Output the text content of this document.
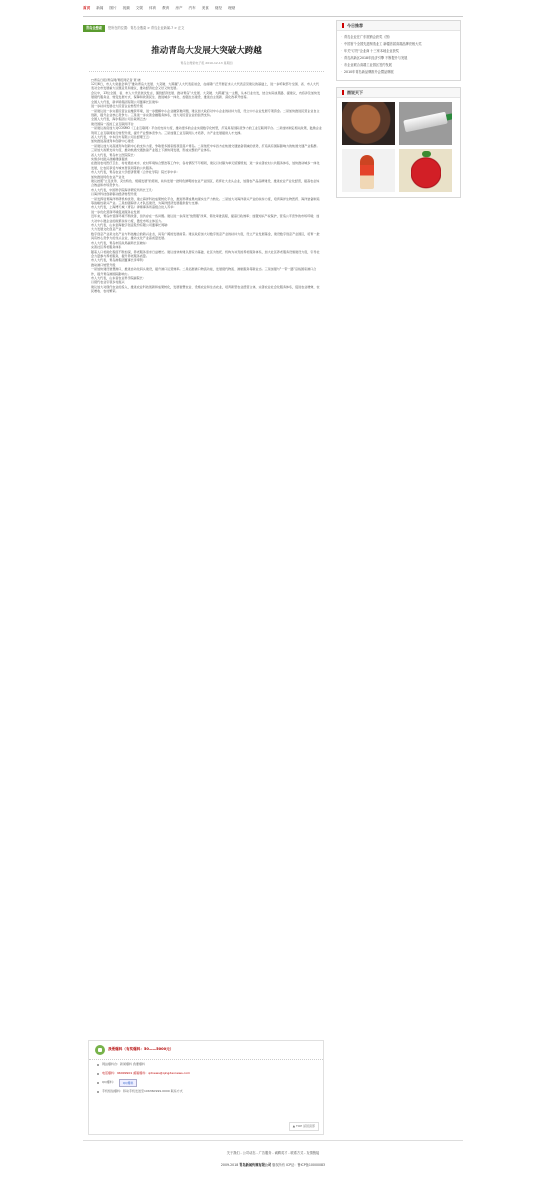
首页 新闻 图片 视频 文娱 体育 教育 房产 汽车 美食 财经 理财
青岛全搜索	您所在的位置：青岛全搜索 > 青岛企业新闻-7 > 正文
推动青岛大发展大突破大跨越
青岛全搜索电子报 2010-12-13 星期四

□青岛日报/青岛网/青报网记者 贾 晓

12月6日，市人大常委会举行"推动青岛大发展、大突破、大跨越"人大代表座谈会，在前期广泛开展征求人大代表意见建议的基础上，进一步听取部分全国、省、市人大代表对全市发展重大议题意见和建议，推动经济社会又好又快发展。

会议中，13位全国、省、市人大代表依次发言，围绕经济发展、推动青岛"大发展、大突破、大跨越"这一主题，从本行业出发，结合实际谈思路、提建议，内容涉及加快发展现代服务业、转变发展方式、保障和改善民生、推进城乡一体化、加强生态建设、推进自主创新、深化改革开放等。

全国人大代表，新华锦集团有限公司董事长张建华：

进一步扶持发展壮大民营企业转型升级

一是建议进一步完善民营企业融资环境，进一步缓解中小企业融资难问题，建议加大政府对中小企业的扶持力度，设立中小企业发展专项资金。二是加快推进民营企业自主创新，提升企业核心竞争力。三是进一步完善金融服务体系，加大对民营企业的信贷支持。

全国人大代表，海尔集团公司总裁周云杰：

建设国际一流的工业互联网平台

一是建议政府加大对COSMO（工业互联网）平台的支持力度，推动更多的企业实现数字化转型，打造具有国际竞争力的工业互联网平台。二是加快制定相关政策，鼓励企业利用工业互联网进行转型升级，提升产业整体竞争力。三是加强工业互联网人才培养，为产业发展提供人才支撑。

省人大代表，中车四方有限公司总经理王云：

加快推进高速列车创新中心建设

一是建议加大对高速列车创新中心的支持力度，争取更多国家级项目落户青岛。二是依托中车四方在轨道交通装备领域的优势，打造具有国际影响力的轨道交通产业集群。三是加大政策支持力度，推动轨道交通装备产业链上下游协同发展，形成完整的产业体系。

省人大代表，青岛市立医院院长：

实施乡村振兴战略健康提质

在推进农村医疗卫生、村村通自来水、农村环境综合整治等工作中，各村情况不尽相同，建议以村镇为单元统筹规划，进一步完善农村公共服务体系，加快推动城乡一体化发展，让农民享受与城市居民同等的公共服务。

市人大代表，青岛农业大学经济管理（合作社学院）院长李中华：

加快推进特色农业产业化

建议按照"立足优势、突出特色、规模发展"的原则，扶持发展一批特色鲜明的农业产业园区，培育壮大龙头企业，加强农产品品牌建设，推进农业产业化经营，提高农业综合效益和市场竞争力。

市人大代表，中国科学院海洋研究所所长王凡：

以海洋科技创新驱动经济转型升级

一是发挥驻青海洋科研机构优势，建立海洋科技成果转化平台，推进科研成果向现实生产力转化。二是加大对海洋新兴产业的扶持力度，培育海洋生物医药、海洋装备制造等战略性新兴产业。三是加强海洋人才队伍建设，为海洋经济发展提供智力支撑。

市人大代表，上海博天城（青岛）律师事务所高级合伙人苏华：

进一步优化营商环境促进服务业发展

近年来，青岛市营商环境不断改善，但仍存在一些问题。建议进一步深化"放管服"改革，简化审批流程，提高行政效率；加强知识产权保护，营造公平竞争的市场环境；加大对中小微企业的政策扶持力度，激发市场主体活力。

市人大代表，山东金海数字创意股份有限公司董事长周敏：

大力发展文化创意产业

数字创意产业是文化产业与科技融合的新兴业态，具有广阔的发展前景。建议政府加大对数字创意产业的扶持力度，设立产业发展基金，建设数字创意产业园区，培育一批具有核心竞争力的龙头企业，推动文化产业高质量发展。

市人大代表，青岛市民政局副局长张晓东：

完善社区养老服务体系

随着人口老龄化程度不断加深，养老服务需求日益增长。建议加快构建以居家为基础、社区为依托、机构为补充的养老服务体系，加大社区养老服务设施建设力度，引导社会力量参与养老服务，提升养老服务质量。

市人大代表，青岛港集团董事长李奉利：

推动港口转型升级

一是加快建设智慧港口，推进自动化码头建设，提升港口运营效率。二是拓展港口物流功能，发展现代物流、港航服务等新业态。三是加强与"一带一路"沿线国家港口合作，提升青岛港国际影响力。

市人大代表，山东省农业科学院副院长：

以现代农业引领乡村振兴

建议加大对现代农业的投入，推进农业科技创新和成果转化，发展智慧农业、设施农业和生态农业，培育新型农业经营主体，完善农业社会化服务体系，促进农业增效、农民增收、农村繁荣。

今日推荐
· 青岛企业在广东展销会获奖（图）
· 中国首个全国先进制造业工 新疆首届高端品牌亮相大奖
· 年关"订货"企业商 十三家本地企业获奖
· 青岛高新区2018年经济引擎 不断提升与发展
· 市企业联合高端工业园区签约发展
· 2010年青岛新品牌推介会暨品牌展
图说天下
我要爆料（有奖爆料：50——5000元）
网站爆料台：新闻爆料 我要爆料
电话爆料：96999901 邮箱爆料：qdnews@qingdaonews.com
QQ爆料：	QQ爆料
手机短信爆料：移动手机发送至106360999.0000 联系方式
▲ TOP 返回顶部
关于我们 - 公司动态 - 广告服务 - 诚聘英才 - 联系方式 - 友情链接
2009-2018 青岛新闻传媒有限公司 版权所有 ICP证：鲁ICP备10000083
